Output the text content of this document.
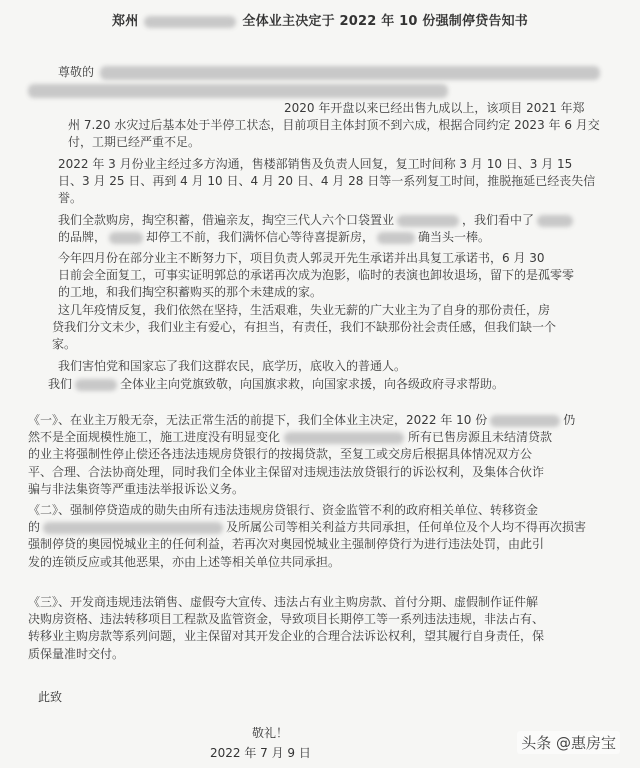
郑州	全体业主决定于 2022 年 10 份强制停贷告知书
尊敬的

2020 年开盘以来已经出售九成以上，该项目 2021 年郑

州 7.20 水灾过后基本处于半停工状态，目前项目主体封顶不到六成，根据合同约定 2023 年 6 月交

付，工期已经严重不足。

2022 年 3 月份业主经过多方沟通，售楼部销售及负责人回复，复工时间称 3 月 10 日、3 月 15

日、3 月 25 日、再到 4 月 10 日、4 月 20 日、4 月 28 日等一系列复工时间，推脱拖延已经丧失信

誉。

我们全款购房，掏空积蓄，借遍亲友，掏空三代人六个口袋置业	，我们看中了

的品牌，	却停工不前，我们满怀信心等待喜提新房，	确当头一棒。

今年四月份在部分业主不断努力下，项目负责人郭灵开先生承诺并出具复工承诺书，6 月 30

日前会全面复工，可事实证明郭总的承诺再次成为泡影，临时的表演也卸妆退场，留下的是孤零零

的工地，和我们掏空积蓄购买的那个未建成的家。

这几年疫情反复，我们依然在坚持，生活艰难，失业无薪的广大业主为了自身的那份责任，房

贷我们分文未少，我们业主有爱心，有担当，有责任，我们不缺那份社会责任感，但我们缺一个

家。

我们害怕党和国家忘了我们这群农民，底学历，底收入的普通人。

我们	全体业主向党旗致敬，向国旗求救，向国家求援，向各级政府寻求帮助。

《一》、在业主万般无奈，无法正常生活的前提下，我们全体业主决定，2022 年 10 份	仍

然不是全面规模性施工，施工进度没有明显变化	所有已售房源且未结清贷款

的业主将强制性停止偿还各违法违规房贷银行的按揭贷款，至复工或交房后根据具体情况双方公

平、合理、合法协商处理，同时我们全体业主保留对违规违法放贷银行的诉讼权利，及集体合伙诈

骗与非法集资等严重违法举报诉讼义务。

《二》、强制停贷造成的勋失由所有违法违规房贷银行、资金监管不利的政府相关单位、转移资金

的	及所属公司等相关利益方共同承担，任何单位及个人均不得再次损害

强制停贷的奥园悦城业主的任何利益，若再次对奥园悦城业主强制停贷行为进行违法处罚，由此引

发的连锁反应或其他恶果，亦由上述等相关单位共同承担。

《三》、开发商违规违法销售、虚假夸大宣传、违法占有业主购房款、首付分期、虚假制作证件解

决购房资格、违法转移项目工程款及监管资金，导致项目长期停工等一系列违法违规，非法占有、

转移业主购房款等系列问题，业主保留对其开发企业的合理合法诉讼权利，望其履行自身责任，保

质保量准时交付。

此致
敬礼！
2022 年 7 月 9 日
头条 @惠房宝
